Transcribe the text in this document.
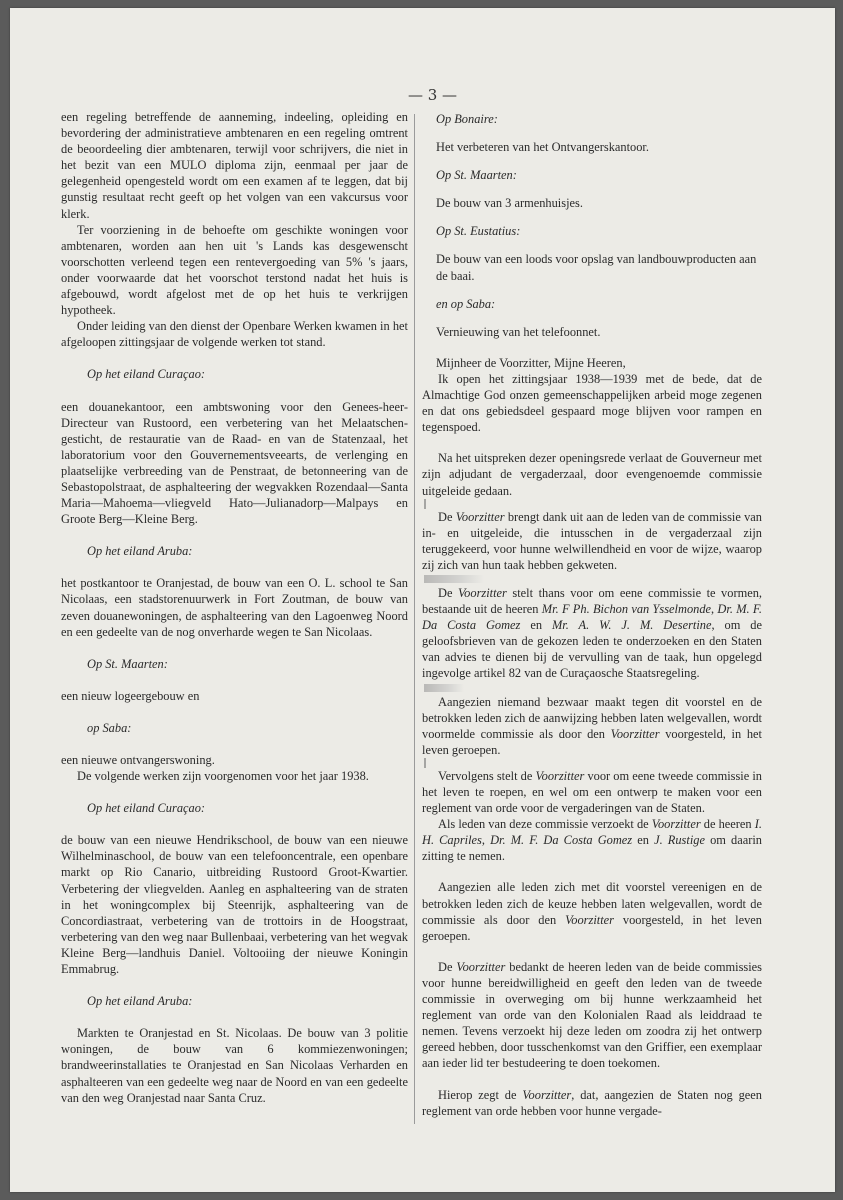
— 3 —

een regeling betreffende de aanneming, indeeling, opleiding en bevordering der administratieve ambtenaren en een regeling omtrent de beoordeeling dier ambtenaren, terwijl voor schrijvers, die niet in het bezit van een MULO diploma zijn, eenmaal per jaar de gelegenheid opengesteld wordt om een examen af te leggen, dat bij gunstig resultaat recht geeft op het volgen van een vakcursus voor klerk.

Ter voorziening in de behoefte om geschikte woningen voor ambtenaren, worden aan hen uit 's Lands kas desgewenscht voorschotten verleend tegen een rentevergoeding van 5% 's jaars, onder voorwaarde dat het voorschot terstond nadat het huis is afgebouwd, wordt afgelost met de op het huis te verkrijgen hypotheek.

Onder leiding van den dienst der Openbare Werken kwamen in het afgeloopen zittingsjaar de volgende werken tot stand.

Op het eiland Curaçao:

een douanekantoor, een ambtswoning voor den Genees-heer-Directeur van Rustoord, een verbetering van het Melaatschen-gesticht, de restauratie van de Raad- en van de Statenzaal, het laboratorium voor den Gouvernementsveearts, de verlenging en plaatselijke verbreeding van de Penstraat, de betonneering van de Sebastopolstraat, de asphalteering der wegvakken Rozendaal—Santa Maria—Mahoema—vliegveld Hato—Julianadorp—Malpays en Groote Berg—Kleine Berg.

Op het eiland Aruba:

het postkantoor te Oranjestad, de bouw van een O. L. school te San Nicolaas, een stadstorenuurwerk in Fort Zoutman, de bouw van zeven douanewoningen, de asphalteering van den Lagoenweg Noord en een gedeelte van de nog onverharde wegen te San Nicolaas.

Op St. Maarten:

een nieuw logeergebouw en

op Saba:

een nieuwe ontvangerswoning.

De volgende werken zijn voorgenomen voor het jaar 1938.

Op het eiland Curaçao:

de bouw van een nieuwe Hendrikschool, de bouw van een nieuwe Wilhelminaschool, de bouw van een telefooncentrale, een openbare markt op Rio Canario, uitbreiding Rustoord Groot-Kwartier. Verbetering der vliegvelden. Aanleg en asphalteering van de straten in het woningcomplex bij Steenrijk, asphalteering van de Concordiastraat, verbetering van de trottoirs in de Hoogstraat, verbetering van den weg naar Bullenbaai, verbetering van het wegvak Kleine Berg—landhuis Daniel. Voltooiing der nieuwe Koningin Emmabrug.

Op het eiland Aruba:

Markten te Oranjestad en St. Nicolaas. De bouw van 3 politie woningen, de bouw van 6 kommiezenwoningen; brandweerinstallaties te Oranjestad en San Nicolaas Verharden en asphalteeren van een gedeelte weg naar de Noord en van een gedeelte van den weg Oranjestad naar Santa Cruz.

Op Bonaire:

Het verbeteren van het Ontvangerskantoor.

Op St. Maarten:

De bouw van 3 armenhuisjes.

Op St. Eustatius:

De bouw van een loods voor opslag van landbouwproducten aan de baai.

en op Saba:

Vernieuwing van het telefoonnet.

Mijnheer de Voorzitter, Mijne Heeren,

Ik open het zittingsjaar 1938—1939 met de bede, dat de Almachtige God onzen gemeenschappelijken arbeid moge zegenen en dat ons gebiedsdeel gespaard moge blijven voor rampen en tegenspoed.

Na het uitspreken dezer openingsrede verlaat de Gouverneur met zijn adjudant de vergaderzaal, door evengenoemde commissie uitgeleide gedaan.

De Voorzitter brengt dank uit aan de leden van de commissie van in- en uitgeleide, die intusschen in de vergaderzaal zijn teruggekeerd, voor hunne welwillendheid en voor de wijze, waarop zij zich van hun taak hebben gekweten.

De Voorzitter stelt thans voor om eene commissie te vormen, bestaande uit de heeren Mr. F Ph. Bichon van Ysselmonde, Dr. M. F. Da Costa Gomez en Mr. A. W. J. M. Desertine, om de geloofsbrieven van de gekozen leden te onderzoeken en den Staten van advies te dienen bij de vervulling van de taak, hun opgelegd ingevolge artikel 82 van de Curaçaosche Staatsregeling.

Aangezien niemand bezwaar maakt tegen dit voorstel en de betrokken leden zich de aanwijzing hebben laten welgevallen, wordt voormelde commissie als door den Voorzitter voorgesteld, in het leven geroepen.

Vervolgens stelt de Voorzitter voor om eene tweede commissie in het leven te roepen, en wel om een ontwerp te maken voor een reglement van orde voor de vergaderingen van de Staten.

Als leden van deze commissie verzoekt de Voorzitter de heeren I. H. Capriles, Dr. M. F. Da Costa Gomez en J. Rustige om daarin zitting te nemen.

Aangezien alle leden zich met dit voorstel vereenigen en de betrokken leden zich de keuze hebben laten welgevallen, wordt de commissie als door den Voorzitter voorgesteld, in het leven geroepen.

De Voorzitter bedankt de heeren leden van de beide commissies voor hunne bereidwilligheid en geeft den leden van de tweede commissie in overweging om bij hunne werkzaamheid het reglement van orde van den Kolonialen Raad als leiddraad te nemen. Tevens verzoekt hij deze leden om zoodra zij het ontwerp gereed hebben, door tusschenkomst van den Griffier, een exemplaar aan ieder lid ter bestudeering te doen toekomen.

Hierop zegt de Voorzitter, dat, aangezien de Staten nog geen reglement van orde hebben voor hunne vergade-
